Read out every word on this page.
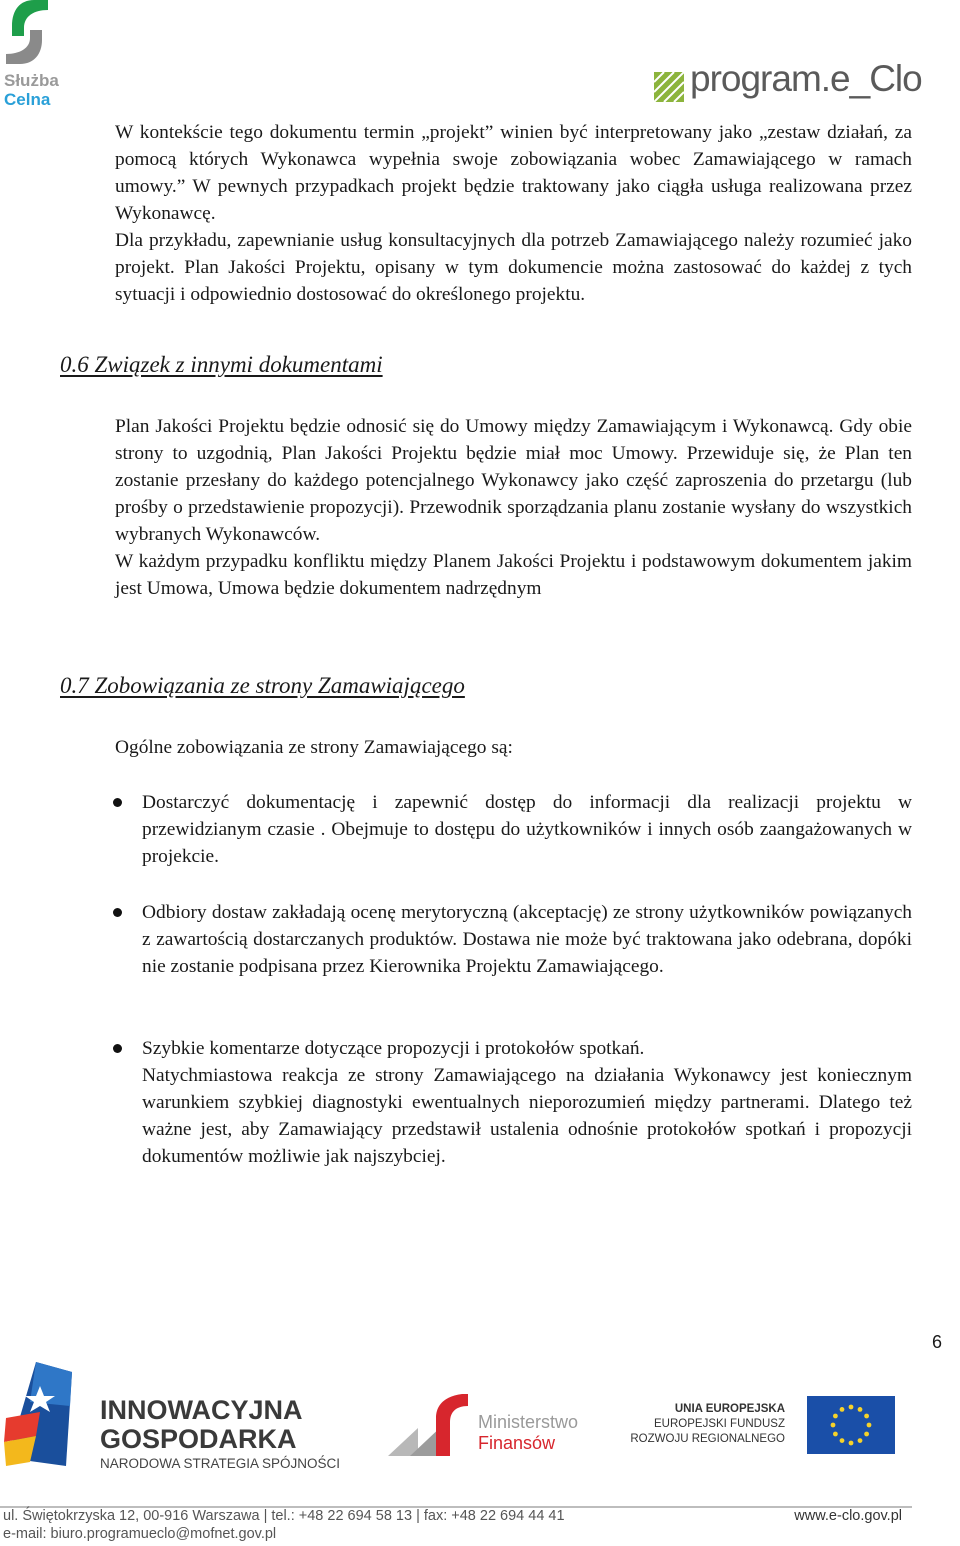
Służba
Celna
program.e_Clo

W kontekście tego dokumentu termin „projekt” winien być interpretowany jako „zestaw działań, za pomocą których Wykonawca wypełnia swoje zobowiązania wobec Zamawiającego w ramach umowy.” W pewnych przypadkach projekt będzie traktowany jako ciągła usługa realizowana przez Wykonawcę.

Dla przykładu, zapewnianie usług konsultacyjnych dla potrzeb Zamawiającego należy rozumieć jako projekt. Plan Jakości Projektu, opisany w tym dokumencie można zastosować do każdej z tych sytuacji i odpowiednio dostosować do określonego projektu.

0.6 Związek z innymi dokumentami

Plan Jakości Projektu będzie odnosić się do Umowy między Zamawiającym i Wykonawcą. Gdy obie strony to uzgodnią, Plan Jakości Projektu będzie miał moc Umowy. Przewiduje się, że Plan ten zostanie przesłany do każdego potencjalnego Wykonawcy jako część zaproszenia do przetargu (lub prośby o przedstawienie propozycji). Przewodnik sporządzania planu zostanie wysłany do wszystkich wybranych Wykonawców.

W każdym przypadku konfliktu między Planem Jakości Projektu i podstawowym dokumentem jakim jest Umowa, Umowa będzie dokumentem nadrzędnym

0.7 Zobowiązania ze strony Zamawiającego
Ogólne zobowiązania ze strony Zamawiającego są:

Dostarczyć dokumentację i zapewnić dostęp do informacji dla realizacji projektu w przewidzianym czasie . Obejmuje to dostępu do użytkowników i innych osób zaangażowanych w projekcie.

Odbiory dostaw zakładają ocenę merytoryczną (akceptację) ze strony użytkowników powiązanych z zawartością dostarczanych produktów. Dostawa nie może być traktowana jako odebrana, dopóki nie zostanie podpisana przez Kierownika Projektu Zamawiającego.

Szybkie komentarze dotyczące propozycji i protokołów spotkań.

Natychmiastowa reakcja ze strony Zamawiającego na działania Wykonawcy jest koniecznym warunkiem szybkiej diagnostyki ewentualnych nieporozumień między partnerami. Dlatego też ważne jest, aby Zamawiający przedstawił ustalenia odnośnie protokołów spotkań i propozycji dokumentów możliwie jak najszybciej.

6
INNOWACYJNA
GOSPODARKA
NARODOWA STRATEGIA SPÓJNOŚCI
Ministerstwo
Finansów
UNIA EUROPEJSKA
EUROPEJSKI FUNDUSZ
ROZWOJU REGIONALNEGO
ul. Świętokrzyska 12, 00-916 Warszawa | tel.: +48 22 694 58 13 | fax: +48 22 694 44 41	www.e-clo.gov.pl
e-mail: biuro.programueclo@mofnet.gov.pl
